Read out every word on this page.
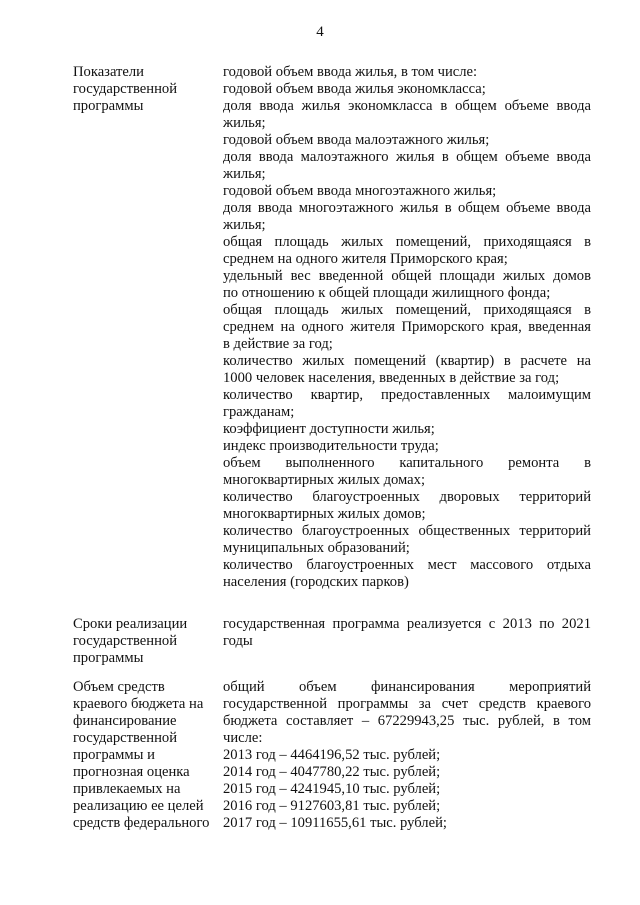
4
Показатели
государственной
программы
годовой объем ввода жилья, в том числе:
годовой объем ввода жилья экономкласса;
доля ввода жилья экономкласса в общем объеме ввода
жилья;
годовой объем ввода малоэтажного жилья;
доля ввода малоэтажного жилья в общем объеме ввода
жилья;
годовой объем ввода многоэтажного жилья;
доля ввода многоэтажного жилья в общем объеме ввода
жилья;
общая площадь жилых помещений, приходящаяся в
среднем на одного жителя Приморского края;
удельный вес введенной общей площади жилых домов
по отношению к общей площади жилищного фонда;
общая площадь жилых помещений, приходящаяся в
среднем на одного жителя Приморского края, введенная
в действие за год;
количество жилых помещений (квартир) в расчете на
1000 человек населения, введенных в действие за год;
количество квартир, предоставленных малоимущим
гражданам;
коэффициент доступности жилья;
индекс производительности труда;
объем выполненного капитального ремонта в
многоквартирных жилых домах;
количество благоустроенных дворовых территорий
многоквартирных жилых домов;
количество благоустроенных общественных территорий
муниципальных образований;
количество благоустроенных мест массового отдыха
населения (городских парков)
Сроки реализации
государственной
программы
государственная программа реализуется с 2013 по 2021
годы
Объем средств
краевого бюджета на
финансирование
государственной
программы и
прогнозная оценка
привлекаемых на
реализацию ее целей
средств федерального
общий объем финансирования мероприятий
государственной программы за счет средств краевого
бюджета составляет – 67229943,25 тыс. рублей, в том
числе:
2013 год – 4464196,52 тыс. рублей;
2014 год – 4047780,22 тыс. рублей;
2015 год – 4241945,10 тыс. рублей;
2016 год – 9127603,81 тыс. рублей;
2017 год – 10911655,61 тыс. рублей;
